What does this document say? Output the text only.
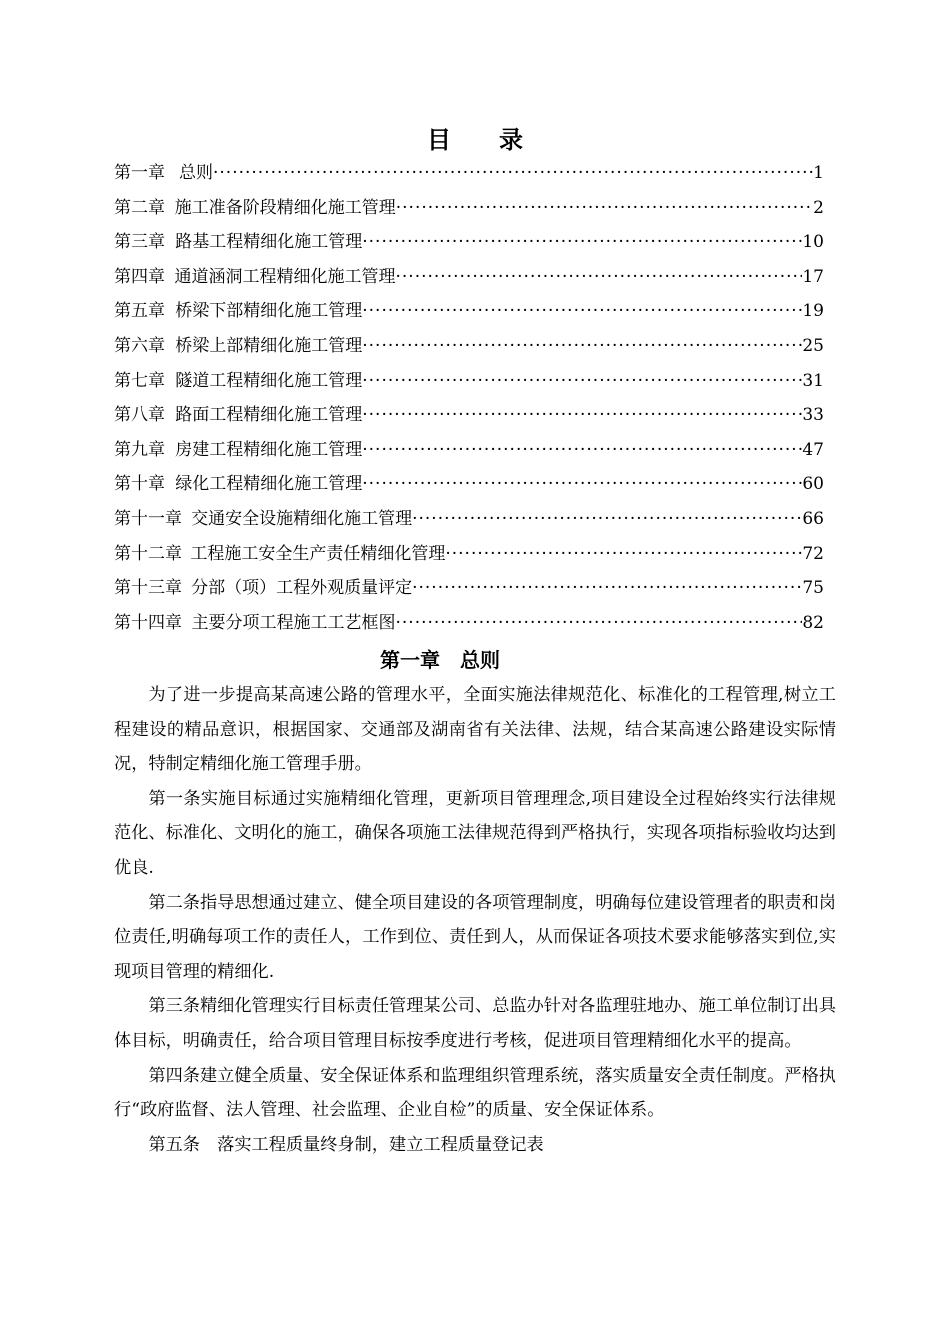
目 录
第一章 总则 ·····	1
第二章 施工准备阶段精细化施工管理 ·····	2
第三章 路基工程精细化施工管理 ·····	10
第四章 通道涵洞工程精细化施工管理 ·····	17
第五章 桥梁下部精细化施工管理 ·····	19
第六章 桥梁上部精细化施工管理 ·····	25
第七章 隧道工程精细化施工管理 ·····	31
第八章 路面工程精细化施工管理 ·····	33
第九章 房建工程精细化施工管理 ·····	47
第十章 绿化工程精细化施工管理 ·····	60
第十一章 交通安全设施精细化施工管理 ·····	66
第十二章 工程施工安全生产责任精细化管理 ·····	72
第十三章 分部（项）工程外观质量评定 ·····	75
第十四章 主要分项工程施工工艺框图 ·····	82
第一章 总则

为了进一步提高某高速公路的管理水平，全面实施法律规范化、标准化的工程管理,树立工程建设的精品意识，根据国家、交通部及湖南省有关法律、法规，结合某高速公路建设实际情况，特制定精细化施工管理手册。

第一条实施目标通过实施精细化管理，更新项目管理理念,项目建设全过程始终实行法律规范化、标准化、文明化的施工，确保各项施工法律规范得到严格执行，实现各项指标验收均达到优良.

第二条指导思想通过建立、健全项目建设的各项管理制度，明确每位建设管理者的职责和岗位责任,明确每项工作的责任人，工作到位、责任到人，从而保证各项技术要求能够落实到位,实现项目管理的精细化.

第三条精细化管理实行目标责任管理某公司、总监办针对各监理驻地办、施工单位制订出具体目标，明确责任，给合项目管理目标按季度进行考核，促进项目管理精细化水平的提高。

第四条建立健全质量、安全保证体系和监理组织管理系统，落实质量安全责任制度。严格执行“政府监督、法人管理、社会监理、企业自检”的质量、安全保证体系。

第五条　落实工程质量终身制，建立工程质量登记表
